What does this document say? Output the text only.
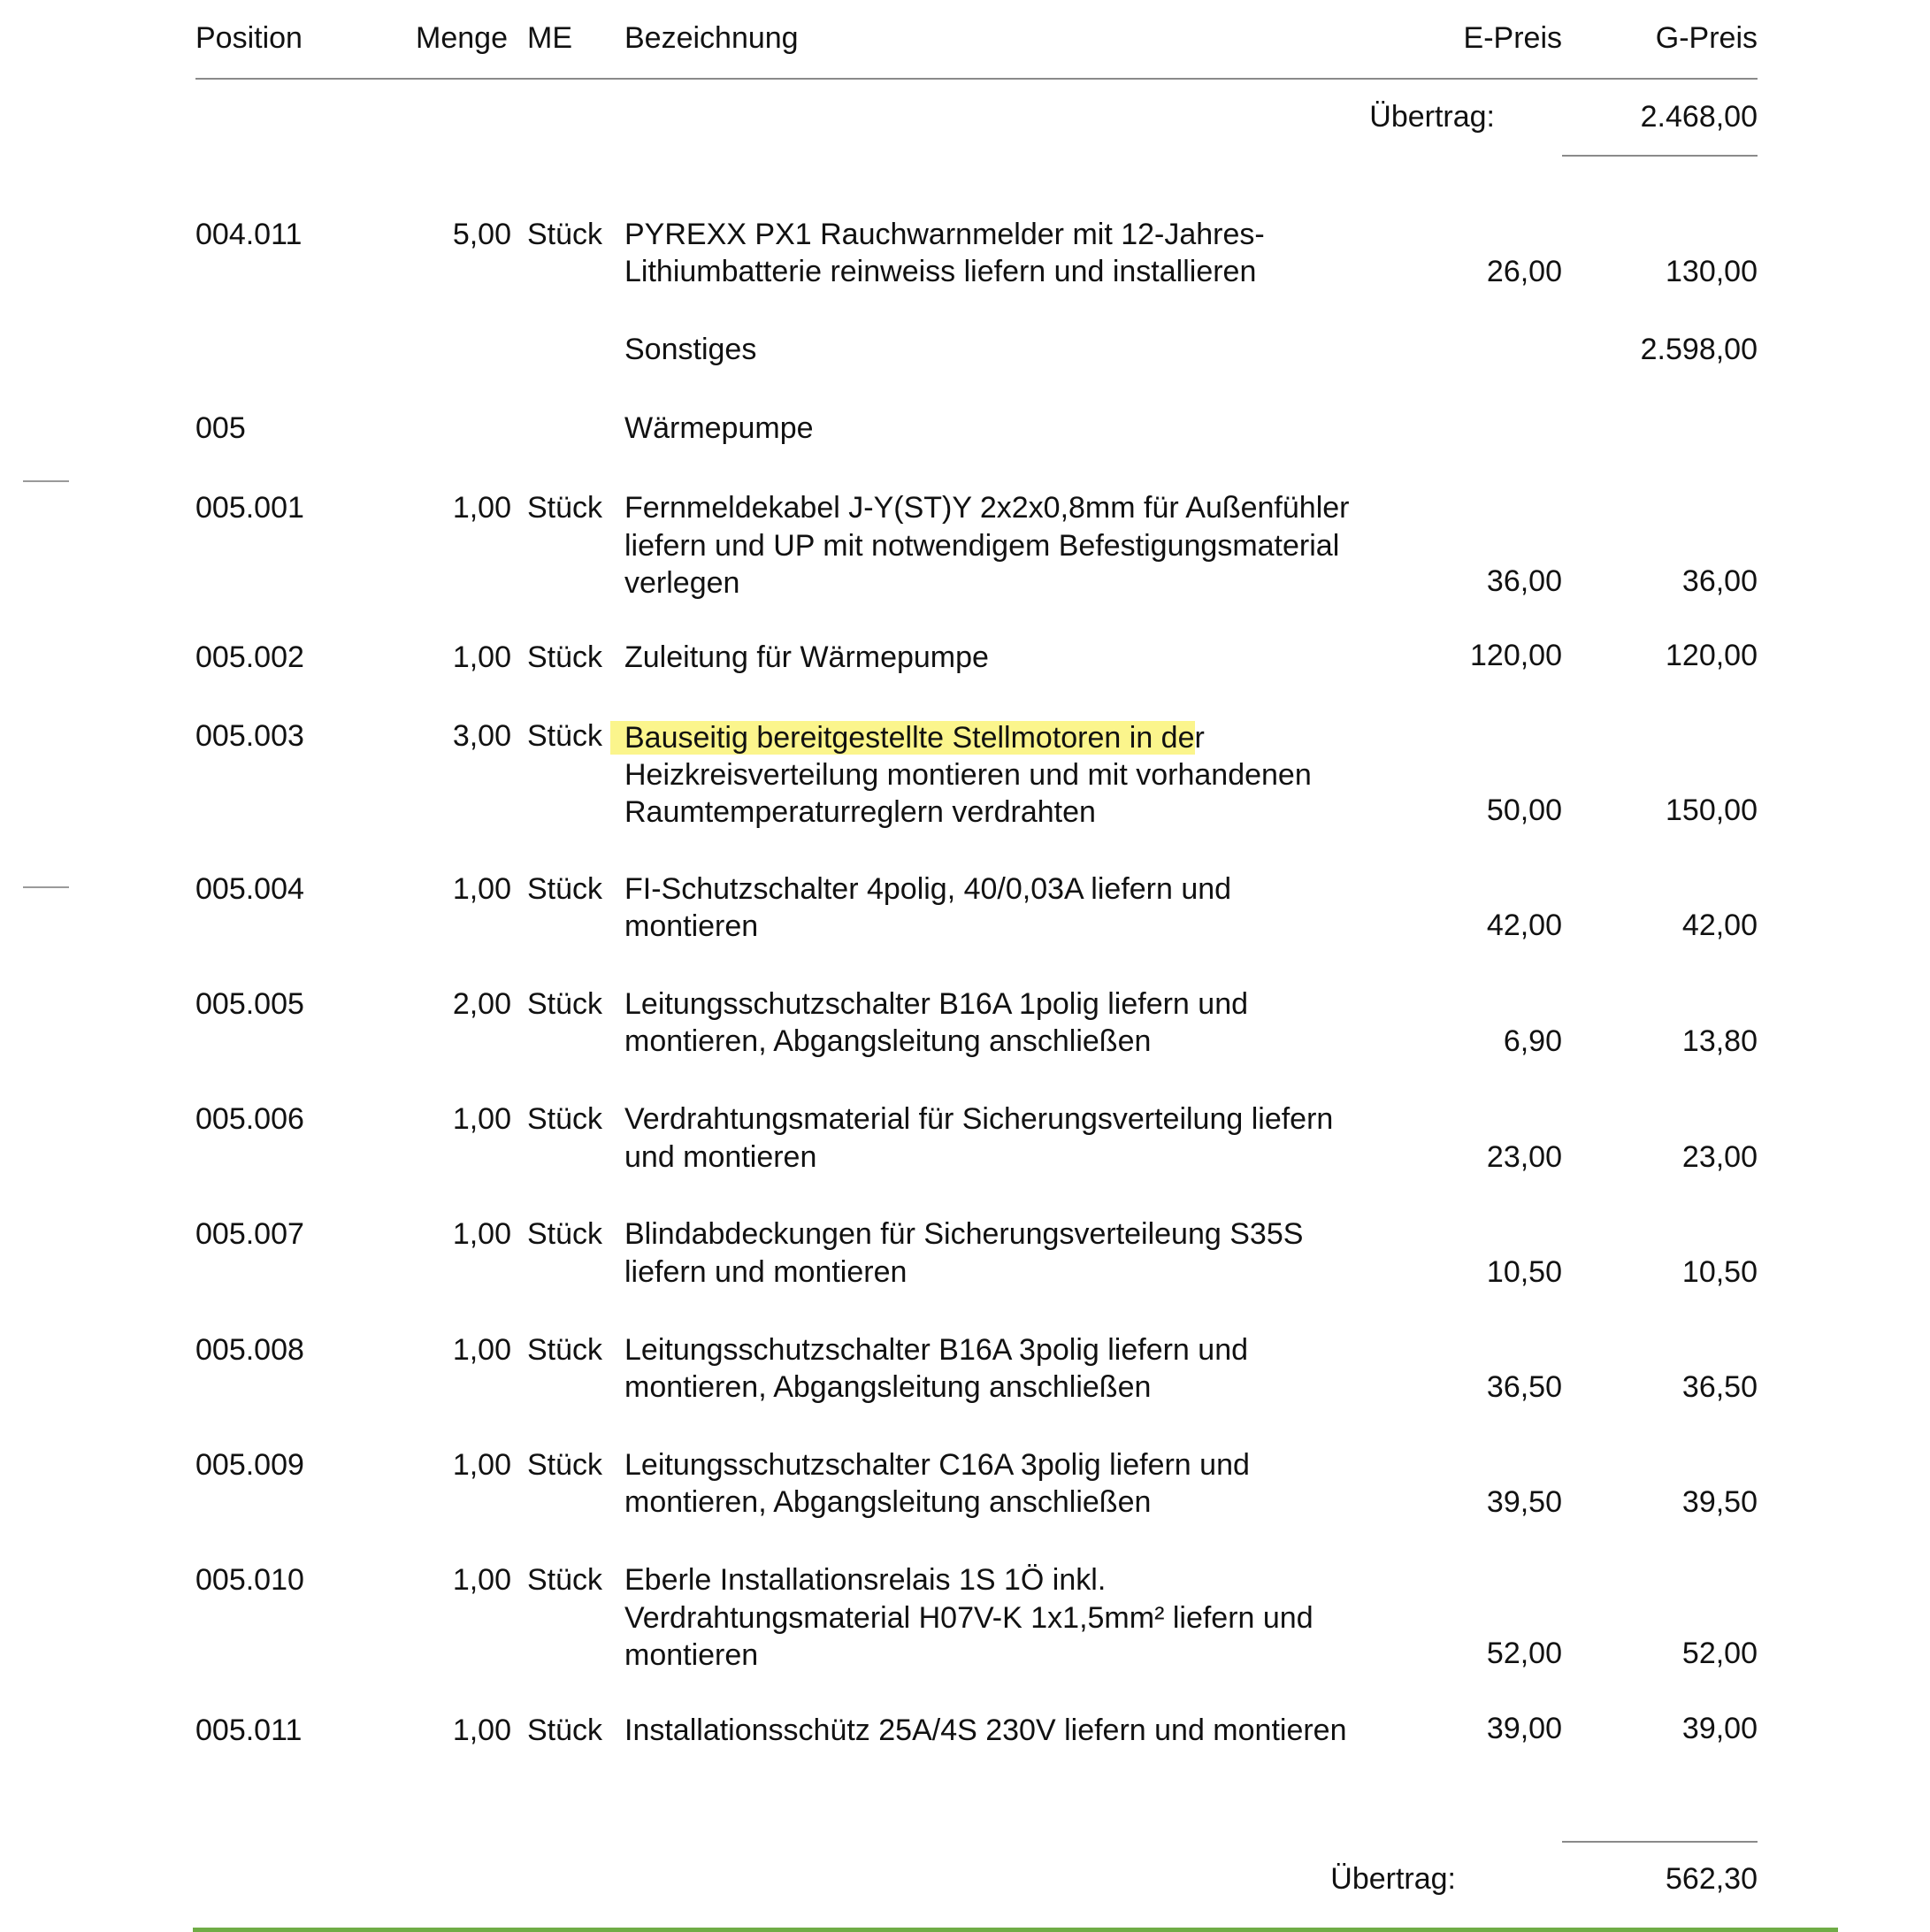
Position	Menge ME Bezeichnung	E-Preis	G-Preis
Übertrag:	2.468,00
004.011	5,00 Stück PYREXX PX1 Rauchwarnmelder mit 12-Jahres-
Lithiumbatterie reinweiss liefern und installieren	26,00	130,00
Sonstiges	2.598,00
005	Wärmepumpe
005.001	1,00 Stück Fernmeldekabel J-Y(ST)Y 2x2x0,8mm für Außenfühler
liefern und UP mit notwendigem Befestigungsmaterial
verlegen	36,00	36,00
005.002	1,00 Stück Zuleitung für Wärmepumpe	120,00	120,00
005.003	3,00 Stück Bauseitig bereitgestellte Stellmotoren in der
Heizkreisverteilung montieren und mit vorhandenen
Raumtemperaturreglern verdrahten	50,00	150,00
005.004	1,00 Stück FI-Schutzschalter 4polig, 40/0,03A liefern und
montieren	42,00	42,00
005.005	2,00 Stück Leitungsschutzschalter B16A 1polig liefern und
montieren, Abgangsleitung anschließen	6,90	13,80
005.006	1,00 Stück Verdrahtungsmaterial für Sicherungsverteilung liefern
und montieren	23,00	23,00
005.007	1,00 Stück Blindabdeckungen für Sicherungsverteileung S35S
liefern und montieren	10,50	10,50
005.008	1,00 Stück Leitungsschutzschalter B16A 3polig liefern und
montieren, Abgangsleitung anschließen	36,50	36,50
005.009	1,00 Stück Leitungsschutzschalter C16A 3polig liefern und
montieren, Abgangsleitung anschließen	39,50	39,50
005.010	1,00 Stück Eberle Installationsrelais 1S 1Ö inkl.
Verdrahtungsmaterial H07V-K 1x1,5mm² liefern und
montieren	52,00	52,00
005.011	1,00 Stück Installationsschütz 25A/4S 230V liefern und montieren	39,00	39,00
Übertrag:	562,30
